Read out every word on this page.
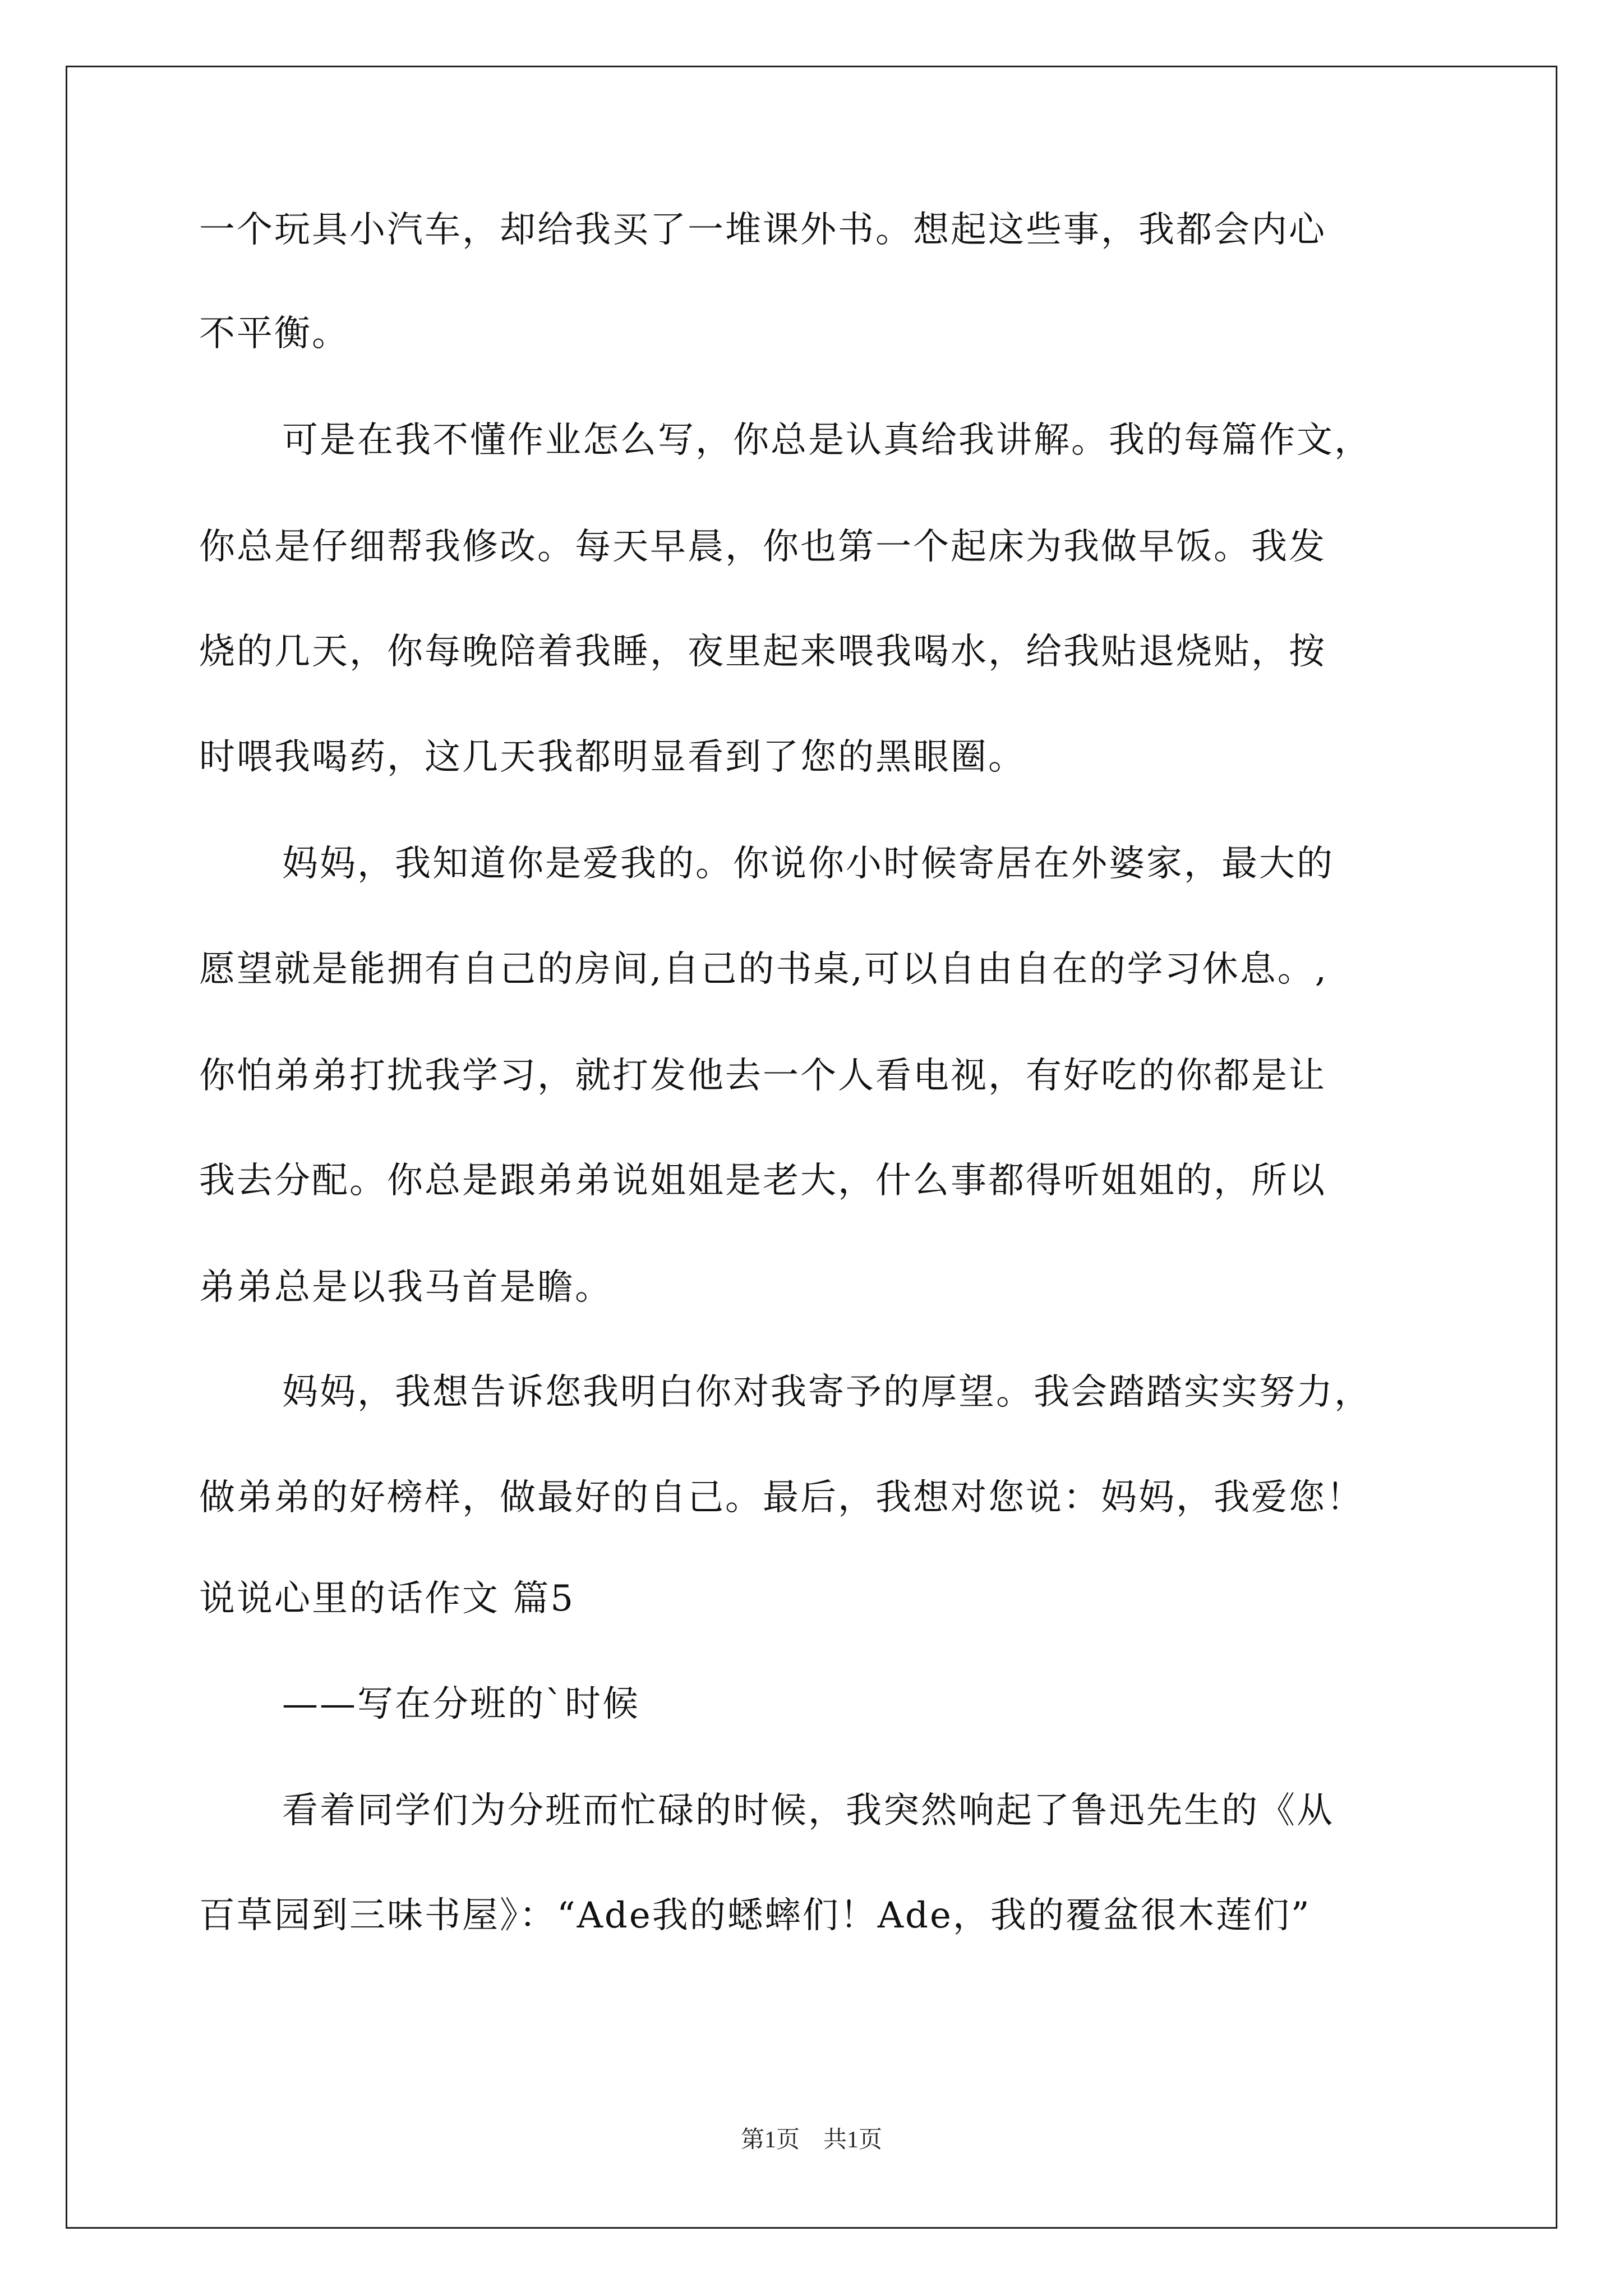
一个玩具小汽车，却给我买了一堆课外书。想起这些事，我都会内心
不平衡。
可是在我不懂作业怎么写，你总是认真给我讲解。我的每篇作文，
你总是仔细帮我修改。每天早晨，你也第一个起床为我做早饭。我发
烧的几天，你每晚陪着我睡，夜里起来喂我喝水，给我贴退烧贴，按
时喂我喝药，这几天我都明显看到了您的黑眼圈。
妈妈，我知道你是爱我的。你说你小时候寄居在外婆家，最大的
愿望就是能拥有自己的房间,自己的书桌,可以自由自在的学习休息。,
你怕弟弟打扰我学习，就打发他去一个人看电视，有好吃的你都是让
我去分配。你总是跟弟弟说姐姐是老大，什么事都得听姐姐的，所以
弟弟总是以我马首是瞻。
妈妈，我想告诉您我明白你对我寄予的厚望。我会踏踏实实努力，
做弟弟的好榜样，做最好的自己。最后，我想对您说：妈妈，我爱您！
说说心里的话作文 篇5
——写在分班的`时候
看着同学们为分班而忙碌的时候，我突然响起了鲁迅先生的《从
百草园到三味书屋》：“Ade我的蟋蟀们！Ade，我的覆盆很木莲们”
第1页　共1页
